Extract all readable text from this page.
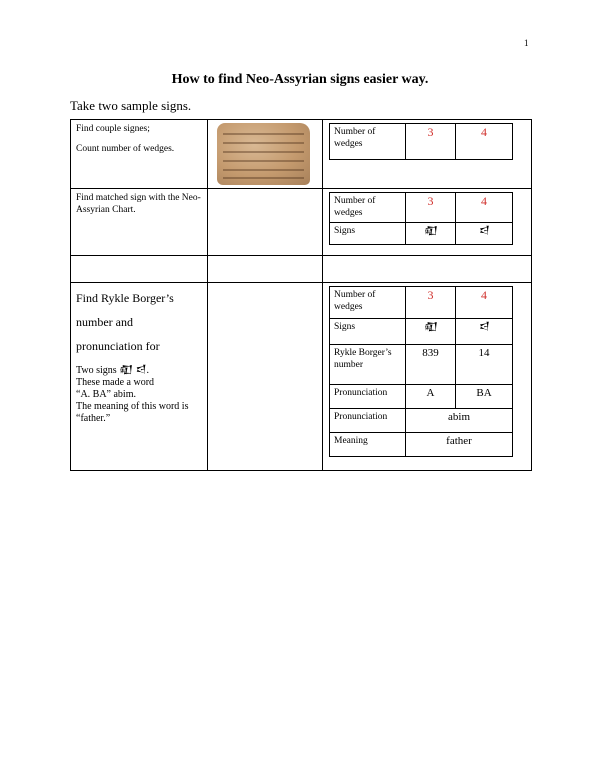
1
How to find Neo-Assyrian signs easier way.
Take two sample signs.

Find couple signes;

Count number of wedges.

Number of wedges	3	4

Find matched sign with the Neo-Assyrian Chart.

Number of wedges	3	4
Signs	𒊏	𒁀

Find Rykle Borger’s
number and
pronunciation for
Two signs 𒊏 𒁀.
These made a word
“A. BA” abim.
The meaning of this word is “father.”

Number of wedges	3	4
Signs	𒊏	𒁀
Rykle Borger’s number	839	14
Pronunciation	A	BA
Pronunciation	abim
Meaning	father
